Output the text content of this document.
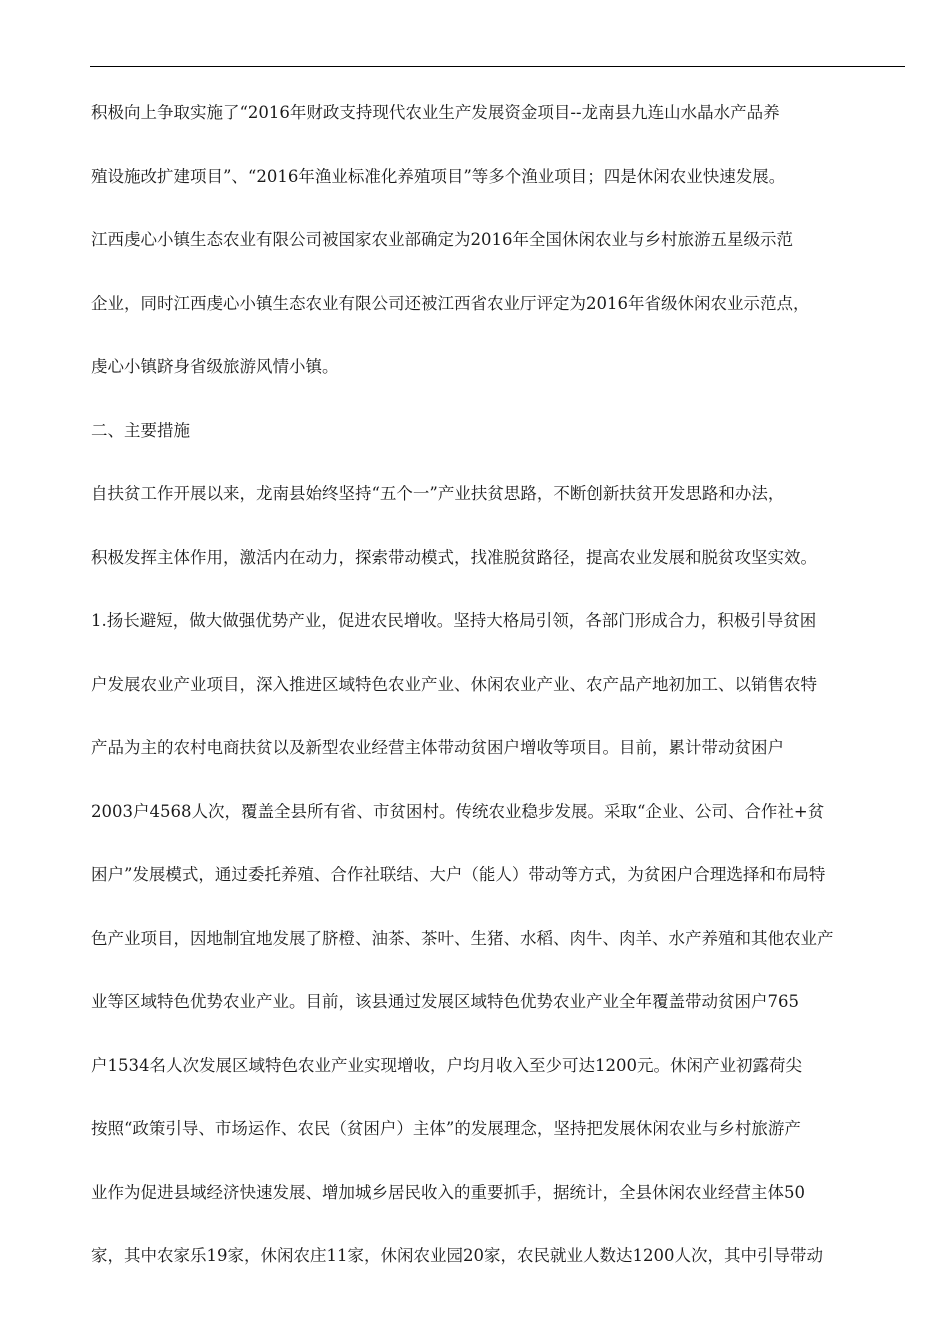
积极向上争取实施了“2016年财政支持现代农业生产发展资金项目--龙南县九连山水晶水产品养
殖设施改扩建项目”、“2016年渔业标准化养殖项目”等多个渔业项目；四是休闲农业快速发展。
江西虔心小镇生态农业有限公司被国家农业部确定为2016年全国休闲农业与乡村旅游五星级示范
企业，同时江西虔心小镇生态农业有限公司还被江西省农业厅评定为2016年省级休闲农业示范点，
虔心小镇跻身省级旅游风情小镇。
二、主要措施
自扶贫工作开展以来，龙南县始终坚持“五个一”产业扶贫思路，不断创新扶贫开发思路和办法，
积极发挥主体作用，激活内在动力，探索带动模式，找准脱贫路径，提高农业发展和脱贫攻坚实效。
1.扬长避短，做大做强优势产业，促进农民增收。坚持大格局引领，各部门形成合力，积极引导贫困
户发展农业产业项目，深入推进区域特色农业产业、休闲农业产业、农产品产地初加工、以销售农特
产品为主的农村电商扶贫以及新型农业经营主体带动贫困户增收等项目。目前，累计带动贫困户
2003户4568人次，覆盖全县所有省、市贫困村。传统农业稳步发展。采取“企业、公司、合作社+贫
困户”发展模式，通过委托养殖、合作社联结、大户（能人）带动等方式，为贫困户合理选择和布局特
色产业项目，因地制宜地发展了脐橙、油茶、茶叶、生猪、水稻、肉牛、肉羊、水产养殖和其他农业产
业等区域特色优势农业产业。目前，该县通过发展区域特色优势农业产业全年覆盖带动贫困户765
户1534名人次发展区域特色农业产业实现增收，户均月收入至少可达1200元。休闲产业初露荷尖
按照“政策引导、市场运作、农民（贫困户）主体”的发展理念，坚持把发展休闲农业与乡村旅游产
业作为促进县域经济快速发展、增加城乡居民收入的重要抓手，据统计，全县休闲农业经营主体50
家，其中农家乐19家，休闲农庄11家，休闲农业园20家，农民就业人数达1200人次，其中引导带动
